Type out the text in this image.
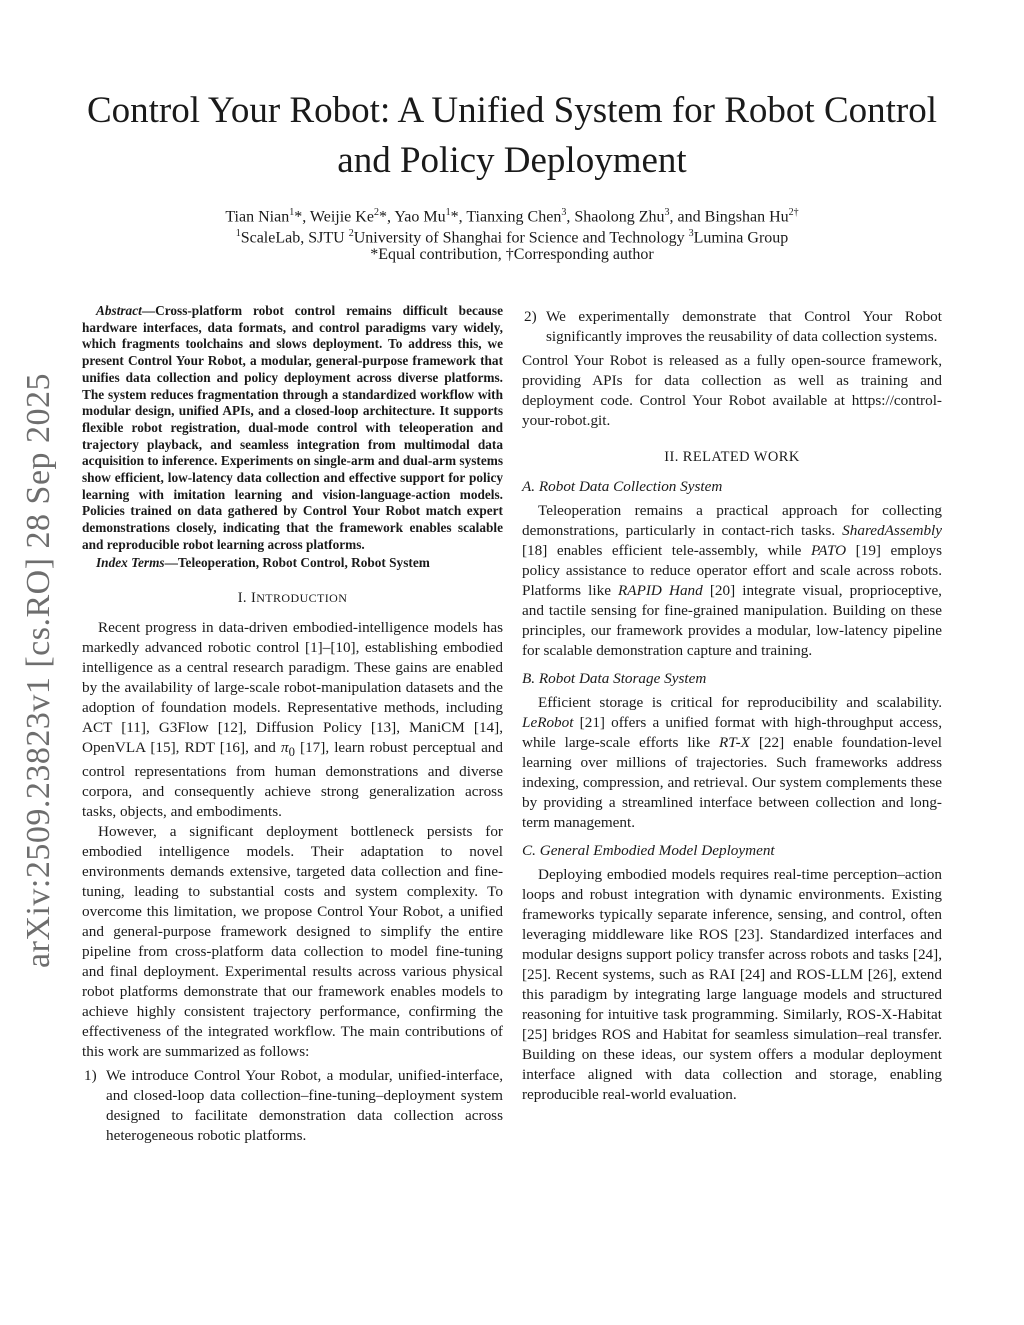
Control Your Robot: A Unified System for Robot Control and Policy Deployment
Tian Nian$^1$*, Weijie Ke$^2$*, Yao Mu$^1$*, Tianxing Chen$^3$, Shaolong Zhu$^3$, and Bingshan $Hu^{2\dagger}$
$^1$ScaleLab, SJTU $^2$University of Shanghai for Science and Technology $^3$Lumina Group
*Equal contribution, †Corresponding author
arXiv:2509.23823v1 [cs.RO] 28 Sep 2025

Abstract—Cross-platform robot control remains difficult because hardware interfaces, data formats, and control paradigms vary widely, which fragments toolchains and slows deployment. To address this, we present Control Your Robot, a modular, general-purpose framework that unifies data collection and policy deployment across diverse platforms. The system reduces fragmentation through a standardized workflow with modular design, unified APIs, and a closed-loop architecture. It supports flexible robot registration, dual-mode control with teleoperation and trajectory playback, and seamless integration from multimodal data acquisition to inference. Experiments on single-arm and dual-arm systems show efficient, low-latency data collection and effective support for policy learning with imitation learning and vision-language-action models. Policies trained on data gathered by Control Your Robot match expert demonstrations closely, indicating that the framework enables scalable and reproducible robot learning across platforms.

Index Terms—Teleoperation, Robot Control, Robot System

I. INTRODUCTION

Recent progress in data-driven embodied-intelligence models has markedly advanced robotic control [1]–[10], establishing embodied intelligence as a central research paradigm. These gains are enabled by the availability of large-scale robot-manipulation datasets and the adoption of foundation models. Representative methods, including ACT [11], G3Flow [12], Diffusion Policy [13], ManiCM [14], OpenVLA [15], RDT [16], and $\pi_0$ [17], learn robust perceptual and control representations from human demonstrations and diverse corpora, and consequently achieve strong generalization across tasks, objects, and embodiments.

However, a significant deployment bottleneck persists for embodied intelligence models. Their adaptation to novel environments demands extensive, targeted data collection and fine-tuning, leading to substantial costs and system complexity. To overcome this limitation, we propose Control Your Robot, a unified and general-purpose framework designed to simplify the entire pipeline from cross-platform data collection to model fine-tuning and final deployment. Experimental results across various physical robot platforms demonstrate that our framework enables models to achieve highly consistent trajectory performance, confirming the effectiveness of the integrated workflow. The main contributions of this work are summarized as follows:

1) We introduce Control Your Robot, a modular, unified-interface, and closed-loop data collection–fine-tuning–deployment system designed to facilitate demonstration data collection across heterogeneous robotic platforms.

2) We experimentally demonstrate that Control Your Robot significantly improves the reusability of data collection systems.

Control Your Robot is released as a fully open-source framework, providing APIs for data collection as well as training and deployment code. Control Your Robot available at https://control-your-robot.git.

II. RELATED WORK

A. Robot Data Collection System

Teleoperation remains a practical approach for collecting demonstrations, particularly in contact-rich tasks. SharedAssembly [18] enables efficient tele-assembly, while PATO [19] employs policy assistance to reduce operator effort and scale across robots. Platforms like RAPID Hand [20] integrate visual, proprioceptive, and tactile sensing for fine-grained manipulation. Building on these principles, our framework provides a modular, low-latency pipeline for scalable demonstration capture and training.

B. Robot Data Storage System

Efficient storage is critical for reproducibility and scalability. LeRobot [21] offers a unified format with high-throughput access, while large-scale efforts like RT-X [22] enable foundation-level learning over millions of trajectories. Such frameworks address indexing, compression, and retrieval. Our system complements these by providing a streamlined interface between collection and long-term management.

C. General Embodied Model Deployment

Deploying embodied models requires real-time perception–action loops and robust integration with dynamic environments. Existing frameworks typically separate inference, sensing, and control, often leveraging middleware like ROS [23]. Standardized interfaces and modular designs support policy transfer across robots and tasks [24], [25]. Recent systems, such as RAI [24] and ROS-LLM [26], extend this paradigm by integrating large language models and structured reasoning for intuitive task programming. Similarly, ROS-X-Habitat [25] bridges ROS and Habitat for seamless simulation–real transfer. Building on these ideas, our system offers a modular deployment interface aligned with data collection and storage, enabling reproducible real-world evaluation.
